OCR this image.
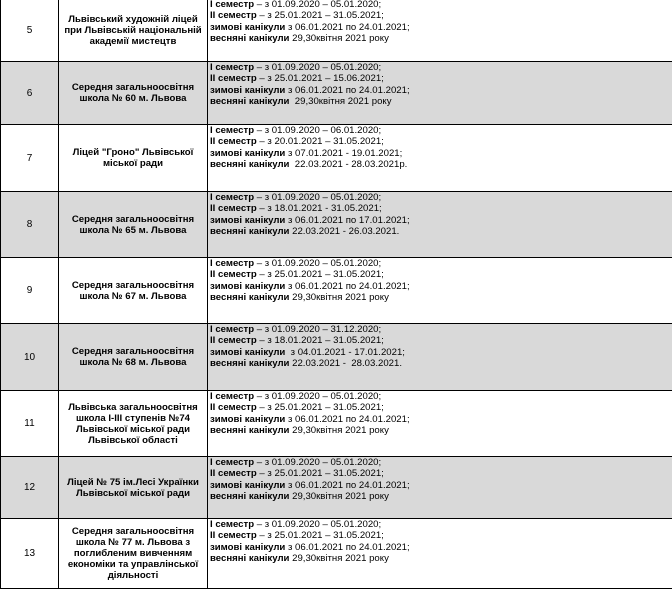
5	Львівський художній ліцей при Львівській національній академії мистецтв	I семестр – з 01.09.2020 – 05.01.2020;
II семестр – з 25.01.2021 – 31.05.2021;
зимові канікули з 06.01.2021 по 24.01.2021;
весняні канікули 29,30квітня 2021 року

6	Середня загальноосвітня школа № 60 м. Львова	I семестр – з 01.09.2020 – 05.01.2020;
II семестр – з 25.01.2021 – 15.06.2021;
зимові канікули з 06.01.2021 по 24.01.2021;
весняні канікули  29,30квітня 2021 року

7	Ліцей "Гроно" Львівської міської ради	I семестр – з 01.09.2020 – 06.01.2020;
II семестр – з 20.01.2021 – 31.05.2021;
зимові канікули з 07.01.2021 - 19.01.2021;
весняні канікули  22.03.2021 - 28.03.2021р.

8	Середня загальноосвітня школа № 65 м. Львова	I семестр – з 01.09.2020 – 05.01.2020;
II семестр – з 18.01.2021 - 31.05.2021;
зимові канікули з 06.01.2021 по 17.01.2021;
весняні канікули 22.03.2021 - 26.03.2021.

9	Середня загальноосвітня школа № 67 м. Львова	I семестр – з 01.09.2020 – 05.01.2020;
II семестр – з 25.01.2021 – 31.05.2021;
зимові канікули з 06.01.2021 по 24.01.2021;
весняні канікули 29,30квітня 2021 року

10	Середня загальноосвітня школа № 68 м. Львова	I семестр – з 01.09.2020 – 31.12.2020;
II семестр – з 18.01.2021 – 31.05.2021;
зимові канікули  з 04.01.2021 - 17.01.2021;
весняні канікули 22.03.2021 -  28.03.2021.

11	Львівська загальноосвітня школа І-ІІІ ступенів №74 Львівської міської ради Львівської області	I семестр – з 01.09.2020 – 05.01.2020;
II семестр – з 25.01.2021 – 31.05.2021;
зимові канікули з 06.01.2021 по 24.01.2021;
весняні канікули 29,30квітня 2021 року

12	Ліцей № 75 ім.Лесі Українки Львівської міської ради	I семестр – з 01.09.2020 – 05.01.2020;
II семестр – з 25.01.2021 – 31.05.2021;
зимові канікули з 06.01.2021 по 24.01.2021;
весняні канікули 29,30квітня 2021 року

13	Середня загальноосвітня школа № 77 м. Львова з поглибленим вивченням економіки та управлінської діяльності	I семестр – з 01.09.2020 – 05.01.2020;
II семестр – з 25.01.2021 – 31.05.2021;
зимові канікули з 06.01.2021 по 24.01.2021;
весняні канікули 29,30квітня 2021 року
